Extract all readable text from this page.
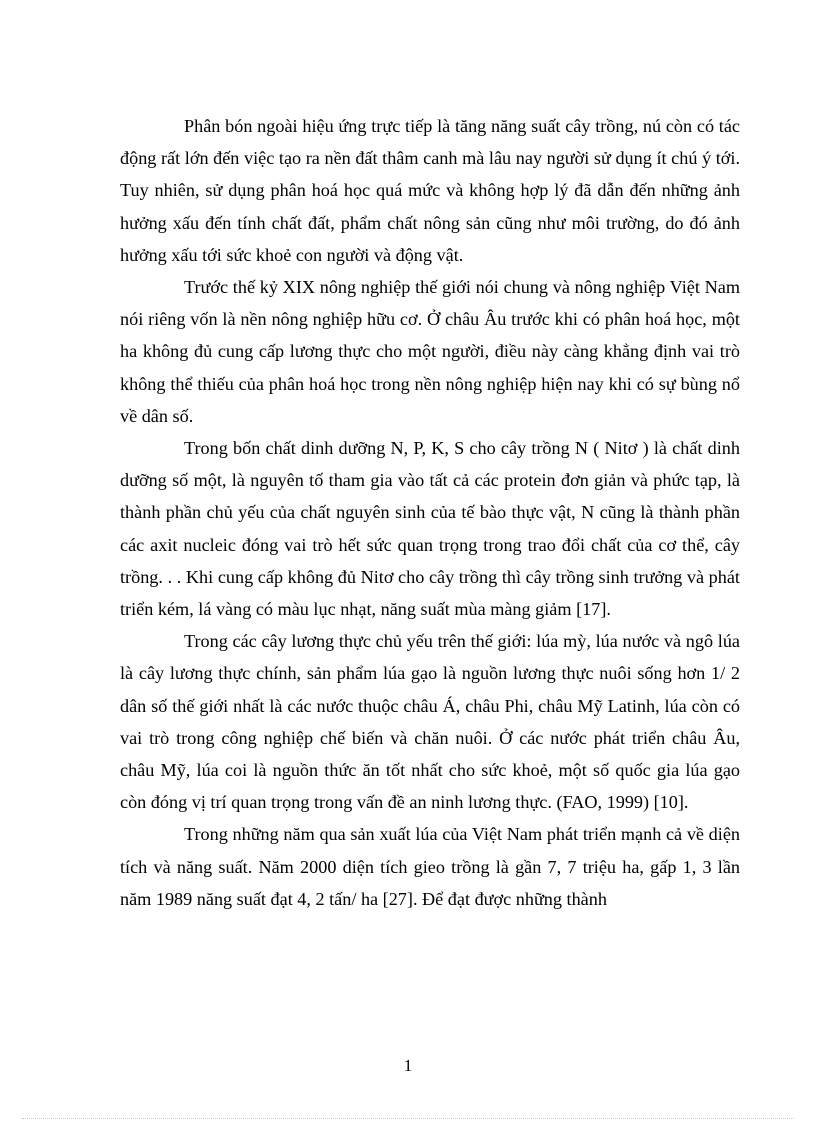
Phân bón ngoài hiệu ứng trực tiếp là tăng năng suất cây trồng, nú còn có tác động rất lớn đến việc tạo ra nền đất thâm canh mà lâu nay người sử dụng ít chú ý tới. Tuy nhiên, sử dụng phân hoá học quá mức và không hợp lý đã dẫn đến những ảnh hưởng xấu đến tính chất đất, phẩm chất nông sản cũng như môi trường, do đó ảnh hưởng xấu tới sức khoẻ con người và động vật.

Trước thế kỷ XIX nông nghiệp thế giới nói chung và nông nghiệp Việt Nam nói riêng vốn là nền nông nghiệp hữu cơ. Ở châu Âu trước khi có phân hoá học, một ha không đủ cung cấp lương thực cho một người, điều này càng khẳng định vai trò không thể thiếu của phân hoá học trong nền nông nghiệp hiện nay khi có sự bùng nổ về dân số.

Trong bốn chất dinh dưỡng N, P, K, S cho cây trồng N ( Nitơ ) là chất dinh dưỡng số một, là nguyên tố tham gia vào tất cả các protein đơn giản và phức tạp, là thành phần chủ yếu của chất nguyên sinh của tế bào thực vật, N cũng là thành phần các axit nucleic đóng vai trò hết sức quan trọng trong trao đổi chất của cơ thể, cây trồng. . . Khi cung cấp không đủ Nitơ cho cây trồng thì cây trồng sinh trưởng và phát triển kém, lá vàng có màu lục nhạt, năng suất mùa màng giảm [17].

Trong các cây lương thực chủ yếu trên thế giới: lúa mỳ, lúa nước và ngô lúa là cây lương thực chính, sản phẩm lúa gạo là nguồn lương thực nuôi sống hơn 1/ 2 dân số thế giới nhất là các nước thuộc châu Á, châu Phi, châu Mỹ Latinh, lúa còn có vai trò trong công nghiệp chế biến và chăn nuôi. Ở các nước phát triển châu Âu, châu Mỹ, lúa coi là nguồn thức ăn tốt nhất cho sức khoẻ, một số quốc gia lúa gạo còn đóng vị trí quan trọng trong vấn đề an ninh lương thực. (FAO, 1999) [10].

Trong những năm qua sản xuất lúa của Việt Nam phát triển mạnh cả về diện tích và năng suất. Năm 2000 diện tích gieo trồng là gần 7, 7 triệu ha, gấp 1, 3 lần năm 1989 năng suất đạt 4, 2 tấn/ ha [27]. Để đạt được những thành

1
